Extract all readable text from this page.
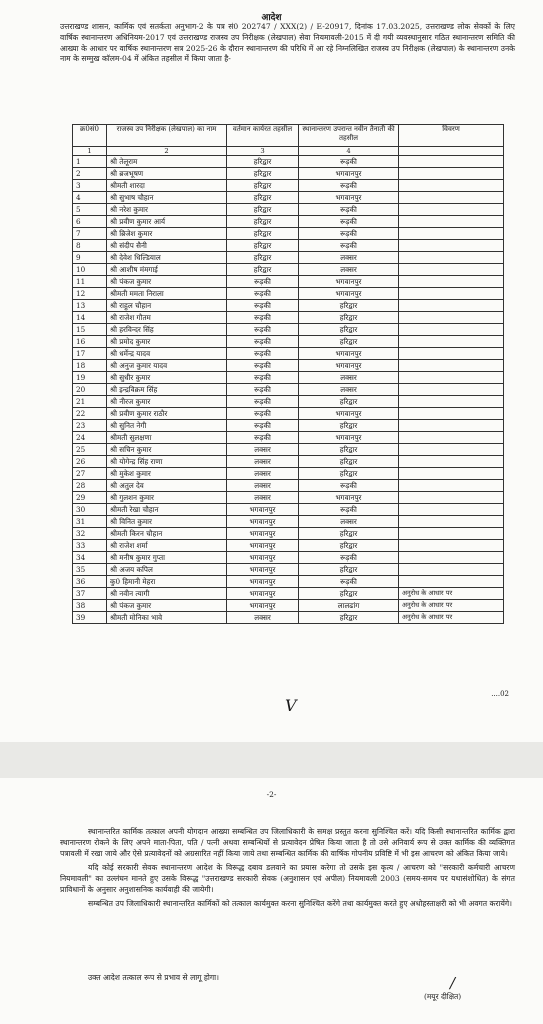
आदेश
उत्तराखण्ड शासन, कार्मिक एवं सतर्कता अनुभाग-2 के पत्र सं0 202747 / XXX(2) / E-20917, दिनांक 17.03.2025, उत्तराखण्ड लोक सेवकों के लिए वार्षिक स्थानान्तरण अधिनियम-2017 एवं उत्तराखण्ड राजस्व उप निरीक्षक (लेखपाल) सेवा नियमावली-2015 में दी गयी व्यवस्थानुसार गठित स्थानान्तरण समिति की आख्या के आधार पर वार्षिक स्थानान्तरण सत्र 2025-26 के दौरान स्थानान्तरण की परिधि में आ रहे निम्नलिखित राजस्व उप निरीक्षक (लेखपाल) के स्थानान्तरण उनके नाम के सम्मुख कॉलम-04 में अंकित तहसील में किया जाता है-
क्र0सं0	राजस्व उप निरीक्षक (लेखपाल) का नाम	वर्तमान कार्यरत तहसील	स्थानान्तरण उपरान्त नवीन तैनाती की तहसील	विवरण
1	2	3	4	
1	श्री तेलूराम	हरिद्वार	रूड़की	
2	श्री ब्रजभूषण	हरिद्वार	भगवानपुर	
3	श्रीमती शारदा	हरिद्वार	रूड़की	
4	श्री सुभाष चौहान	हरिद्वार	भगवानपुर	
5	श्री नरेश कुमार	हरिद्वार	रूड़की	
6	श्री प्रवीण कुमार आर्य	हरिद्वार	रूड़की	
7	श्री ब्रिजेश कुमार	हरिद्वार	रूड़की	
8	श्री संदीप सैनी	हरिद्वार	रूड़की	
9	श्री देवेश धिल्डियाल	हरिद्वार	लक्सर	
10	श्री आशीष मंमगाई	हरिद्वार	लक्सर	
11	श्री पंकज कुमार	रूड़की	भगवानपुर	
12	श्रीमती ममता निराला	रूड़की	भगवानपुर	
13	श्री राहुल चौहान	रूड़की	हरिद्वार	
14	श्री राजेश गौतम	रूड़की	हरिद्वार	
15	श्री हरविन्दर सिंह	रूड़की	हरिद्वार	
16	श्री प्रमोद कुमार	रूड़की	हरिद्वार	
17	श्री धर्मेन्द्र यादव	रूड़की	भगवानपुर	
18	श्री अनुज कुमार यादव	रूड़की	भगवानपुर	
19	श्री सुधीर कुमार	रूड़की	लक्सर	
20	श्री इन्द्रविक्रम सिंह	रूड़की	लक्सर	
21	श्री नीरज कुमार	रूड़की	हरिद्वार	
22	श्री प्रवीण कुमार राठौर	रूड़की	भगवानपुर	
23	श्री सुनित नेगी	रूड़की	हरिद्वार	
24	श्रीमती सुलक्षणा	रूड़की	भगवानपुर	
25	श्री सचिन कुमार	लक्सर	हरिद्वार	
26	श्री योगेन्द्र सिंह राणा	लक्सर	हरिद्वार	
27	श्री मुकेश कुमार	लक्सर	हरिद्वार	
28	श्री अतुल देव	लक्सर	रूड़की	
29	श्री गुलशन कुमार	लक्सर	भगवानपुर	
30	श्रीमती रेखा चौहान	भगवानपुर	रूड़की	
31	श्री विनित कुमार	भगवानपुर	लक्सर	
32	श्रीमती किरन चौहान	भगवानपुर	हरिद्वार	
33	श्री राजेश शर्मा	भगवानपुर	हरिद्वार	
34	श्री मनीष कुमार गुप्ता	भगवानपुर	रूड़की	
35	श्री अजय कपिल	भगवानपुर	हरिद्वार	
36	कु0 हिमानी मेहरा	भगवानपुर	रूड़की	
37	श्री नवीन त्यागी	भगवानपुर	हरिद्वार	अनुरोध के आधार पर
38	श्री पंकज कुमार	भगवानपुर	लालढांग	अनुरोध के आधार पर
39	श्रीमती मोनिका भावे	लक्सर	हरिद्वार	अनुरोध के आधार पर
V
....02
-2-

स्थानान्तरित कार्मिक तत्काल अपनी योगदान आख्या सम्बन्धित उप जिलाधिकारी के समक्ष प्रस्तुत करना सुनिश्चित करें। यदि किसी स्थानान्तरित कार्मिक द्वारा स्थानान्तरण रोकने के लिए अपने माता-पिता, पति / पत्नी अथवा सम्बन्धियों से प्रत्यावेदन प्रेषित किया जाता है तो उसे अनिवार्य रूप से उक्त कार्मिक की व्यक्तिगत पत्रावली में रखा जाये और ऐसे प्रत्यावेदनों को अग्रसारित नहीं किया जाये तथा सम्बन्धित कार्मिक की वार्षिक गोपनीय प्रविष्टि में भी इस आचरण को अंकित किया जाये।

यदि कोई सरकारी सेवक स्थानान्तरण आदेश के विरूद्ध दबाव डलवाने का प्रयास करेगा तो उसके इस कृत्य / आचरण को "सरकारी कर्मचारी आचरण नियमावली" का उल्लंघन मानते हुए उसके विरूद्ध "उत्तराखण्ड सरकारी सेवक (अनुशासन एवं अपील) नियमावली 2003 (समय-समय पर यथासंशोधित) के संगत प्राविधानों के अनुसार अनुशासनिक कार्यवाही की जायेगी।

सम्बन्धित उप जिलाधिकारी स्थानान्तरित कार्मिकों को तत्काल कार्यमुक्त करना सुनिश्चित करेंगे तथा कार्यमुक्त करते हुए अधोहस्ताक्षरी को भी अवगत करायेंगे।

उक्त आदेश तत्काल रूप से प्रभाव से लागू होगा।	/
(मयूर दीक्षित)
